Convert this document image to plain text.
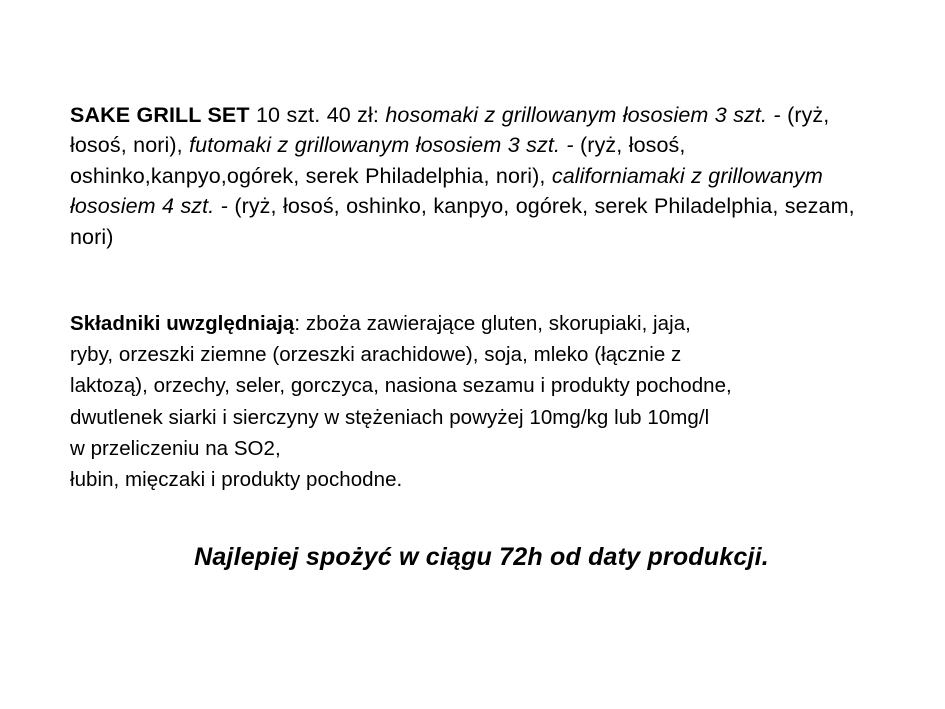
SAKE GRILL SET 10 szt. 40 zł: hosomaki z grillowanym łososiem 3 szt. - (ryż, łosoś, nori), futomaki z grillowanym łososiem 3 szt. - (ryż, łosoś, oshinko,kanpyo,ogórek, serek Philadelphia, nori), californiamaki z grillowanym łososiem 4 szt. - (ryż, łosoś, oshinko, kanpyo, ogórek, serek Philadelphia, sezam, nori)

Składniki uwzględniają: zboża zawierające gluten, skorupiaki, jaja,

ryby, orzeszki ziemne (orzeszki arachidowe), soja, mleko (łącznie z
laktozą), orzechy, seler, gorczyca, nasiona sezamu i produkty pochodne,
dwutlenek siarki i sierczyny w stężeniach powyżej 10mg/kg lub 10mg/l
w przeliczeniu na SO2,
łubin, mięczaki i produkty pochodne.

Najlepiej spożyć w ciągu 72h od daty produkcji.
